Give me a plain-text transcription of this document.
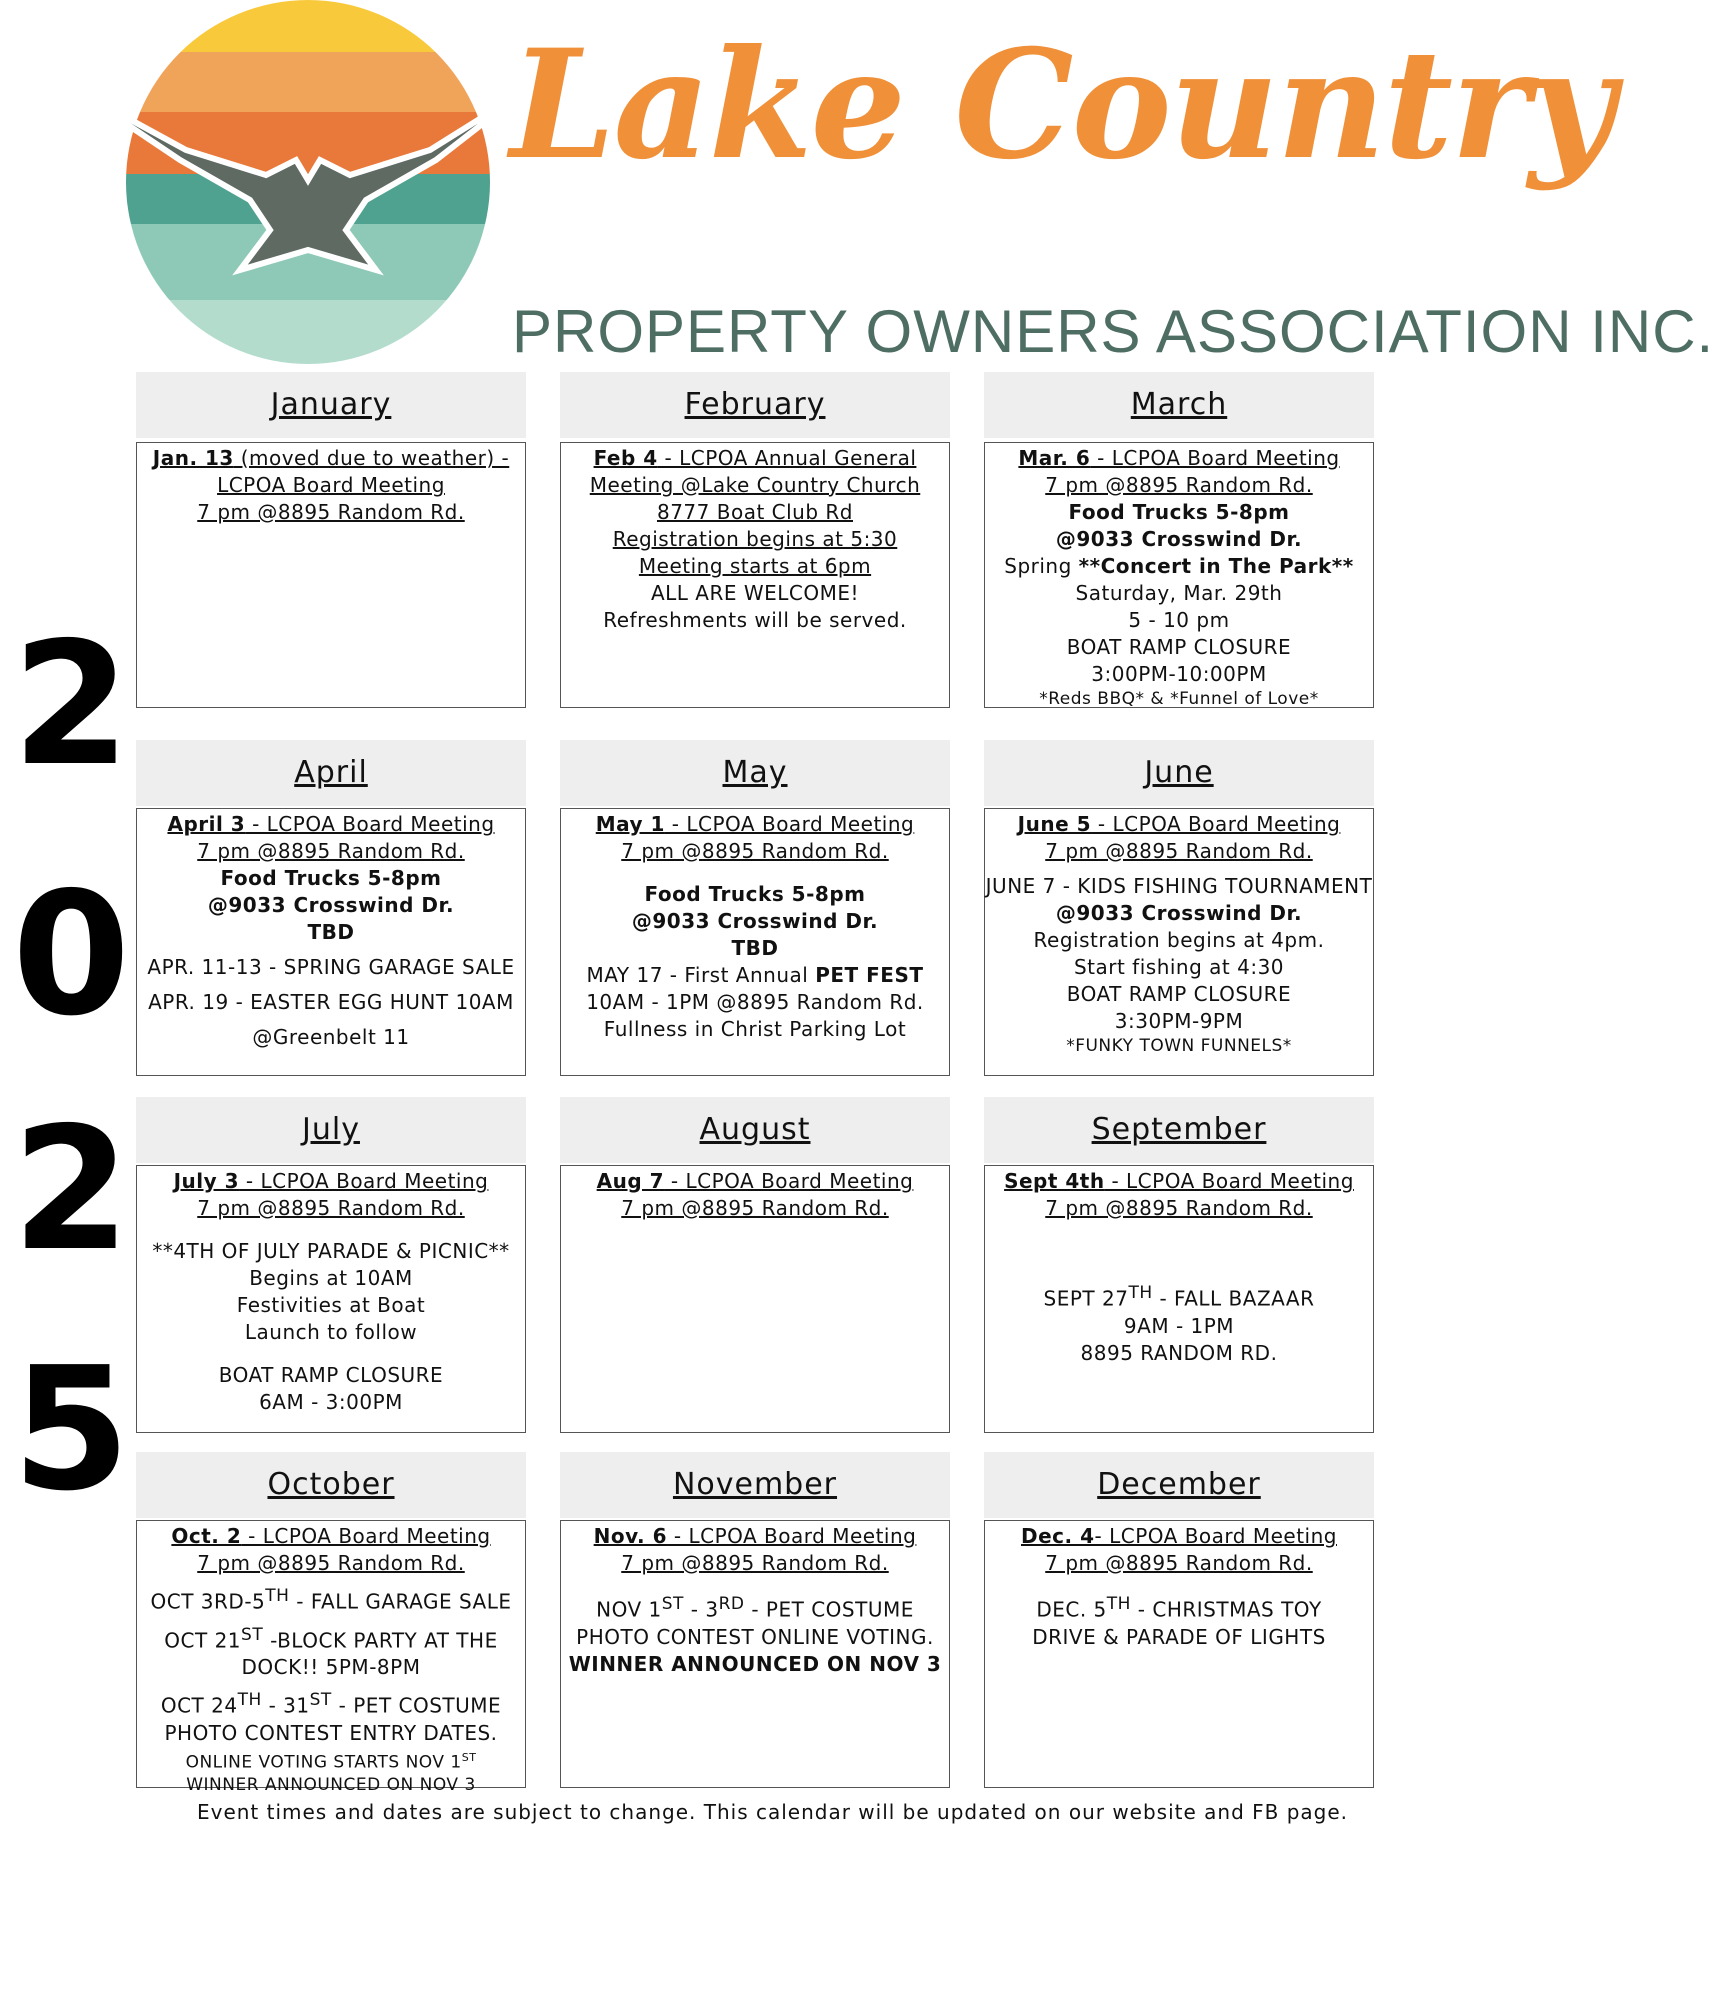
Lake Country
PROPERTY OWNERS ASSOCIATION INC.
2
0
2
5
January

Jan. 13 (moved due to weather) -

LCPOA Board Meeting

7 pm @8895 Random Rd.

February

Feb 4 - LCPOA Annual General

Meeting @Lake Country Church

8777 Boat Club Rd

Registration begins at 5:30

Meeting starts at 6pm

ALL ARE WELCOME!

Refreshments will be served.

March

Mar. 6 - LCPOA Board Meeting

7 pm @8895 Random Rd.

Food Trucks 5-8pm

@9033 Crosswind Dr.

Spring **Concert in The Park**

Saturday, Mar. 29th

5 - 10 pm

BOAT RAMP CLOSURE

3:00PM-10:00PM

*Reds BBQ* & *Funnel of Love*

April

April 3 - LCPOA Board Meeting

7 pm @8895 Random Rd.

Food Trucks 5-8pm

@9033 Crosswind Dr.

TBD

APR. 11-13 - SPRING GARAGE SALE

APR. 19 - EASTER EGG HUNT 10AM

@Greenbelt 11

May

May 1 - LCPOA Board Meeting

7 pm @8895 Random Rd.

Food Trucks 5-8pm

@9033 Crosswind Dr.

TBD

MAY 17 - First Annual PET FEST

10AM - 1PM @8895 Random Rd.

Fullness in Christ Parking Lot

June

June 5 - LCPOA Board Meeting

7 pm @8895 Random Rd.

JUNE 7 - KIDS FISHING TOURNAMENT

@9033 Crosswind Dr.

Registration begins at 4pm.

Start fishing at 4:30

BOAT RAMP CLOSURE

3:30PM-9PM

*FUNKY TOWN FUNNELS*

July

July 3 - LCPOA Board Meeting

7 pm @8895 Random Rd.

**4TH OF JULY PARADE & PICNIC**

Begins at 10AM

Festivities at Boat

Launch to follow

BOAT RAMP CLOSURE

6AM - 3:00PM

August

Aug 7 - LCPOA Board Meeting

7 pm @8895 Random Rd.

September

Sept 4th - LCPOA Board Meeting

7 pm @8895 Random Rd.

SEPT 27TH - FALL BAZAAR

9AM - 1PM

8895 RANDOM RD.

October

Oct. 2 - LCPOA Board Meeting

7 pm @8895 Random Rd.

OCT 3RD-5TH - FALL GARAGE SALE

OCT 21ST -BLOCK PARTY AT THE

DOCK!! 5PM-8PM

OCT 24TH - 31ST - PET COSTUME

PHOTO CONTEST ENTRY DATES.

ONLINE VOTING STARTS NOV 1ST

WINNER ANNOUNCED ON NOV 3

November

Nov. 6 - LCPOA Board Meeting

7 pm @8895 Random Rd.

NOV 1ST - 3RD - PET COSTUME

PHOTO CONTEST ONLINE VOTING.

WINNER ANNOUNCED ON NOV 3

December

Dec. 4- LCPOA Board Meeting

7 pm @8895 Random Rd.

DEC. 5TH - CHRISTMAS TOY

DRIVE & PARADE OF LIGHTS

Event times and dates are subject to change. This calendar will be updated on our website and FB page.
